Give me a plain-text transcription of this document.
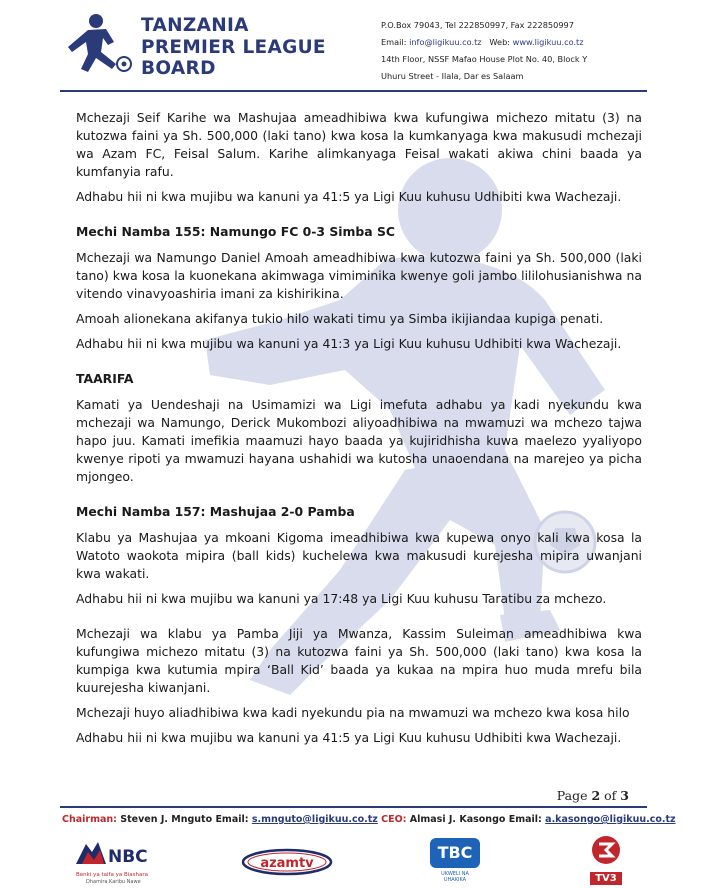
TANZANIA
PREMIER LEAGUE
BOARD
P.O.Box 79043, Tel 222850997, Fax 222850997
Email: info@ligikuu.co.tz Web: www.ligikuu.co.tz
14th Floor, NSSF Mafao House Plot No. 40, Block Y
Uhuru Street - Ilala, Dar es Salaam

Mchezaji Seif Karihe wa Mashujaa ameadhibiwa kwa kufungiwa michezo mitatu (3) na kutozwa faini ya Sh. 500,000 (laki tano) kwa kosa la kumkanyaga kwa makusudi mchezaji wa Azam FC, Feisal Salum. Karihe alimkanyaga Feisal wakati akiwa chini baada ya kumfanyia rafu.

Adhabu hii ni kwa mujibu wa kanuni ya 41:5 ya Ligi Kuu kuhusu Udhibiti kwa Wachezaji.

Mechi Namba 155: Namungo FC 0-3 Simba SC

Mchezaji wa Namungo Daniel Amoah ameadhibiwa kwa kutozwa faini ya Sh. 500,000 (laki tano) kwa kosa la kuonekana akimwaga vimiminika kwenye goli jambo lililohusianishwa na vitendo vinavyoashiria imani za kishirikina.

Amoah alionekana akifanya tukio hilo wakati timu ya Simba ikijiandaa kupiga penati.

Adhabu hii ni kwa mujibu wa kanuni ya 41:3 ya Ligi Kuu kuhusu Udhibiti kwa Wachezaji.

TAARIFA

Kamati ya Uendeshaji na Usimamizi wa Ligi imefuta adhabu ya kadi nyekundu kwa mchezaji wa Namungo, Derick Mukombozi aliyoadhibiwa na mwamuzi wa mchezo tajwa hapo juu. Kamati imefikia maamuzi hayo baada ya kujiridhisha kuwa maelezo yyaliyopo kwenye ripoti ya mwamuzi hayana ushahidi wa kutosha unaoendana na marejeo ya picha mjongeo.

Mechi Namba 157: Mashujaa 2-0 Pamba

Klabu ya Mashujaa ya mkoani Kigoma imeadhibiwa kwa kupewa onyo kali kwa kosa la Watoto waokota mipira (ball kids) kuchelewa kwa makusudi kurejesha mipira uwanjani kwa wakati.

Adhabu hii ni kwa mujibu wa kanuni ya 17:48 ya Ligi Kuu kuhusu Taratibu za mchezo.

Mchezaji wa klabu ya Pamba Jiji ya Mwanza, Kassim Suleiman ameadhibiwa kwa kufungiwa michezo mitatu (3) na kutozwa faini ya Sh. 500,000 (laki tano) kwa kosa la kumpiga kwa kutumia mpira ‘Ball Kid’ baada ya kukaa na mpira huo muda mrefu bila kuurejesha kiwanjani.

Mchezaji huyo aliadhibiwa kwa kadi nyekundu pia na mwamuzi wa mchezo kwa kosa hilo

Adhabu hii ni kwa mujibu wa kanuni ya 41:5 ya Ligi Kuu kuhusu Udhibiti kwa Wachezaji.

Page 2 of 3
Chairman: Steven J. Mnguto Email: s.mnguto@ligikuu.co.tz CEO: Almasi J. Kasongo Email: a.kasongo@ligikuu.co.tz
NBC
Benki ya taifa ya Biashara
Dhamira Karibu Nawe
azamtv
TBC
UKWELI NA UHAKIKA	TV3
